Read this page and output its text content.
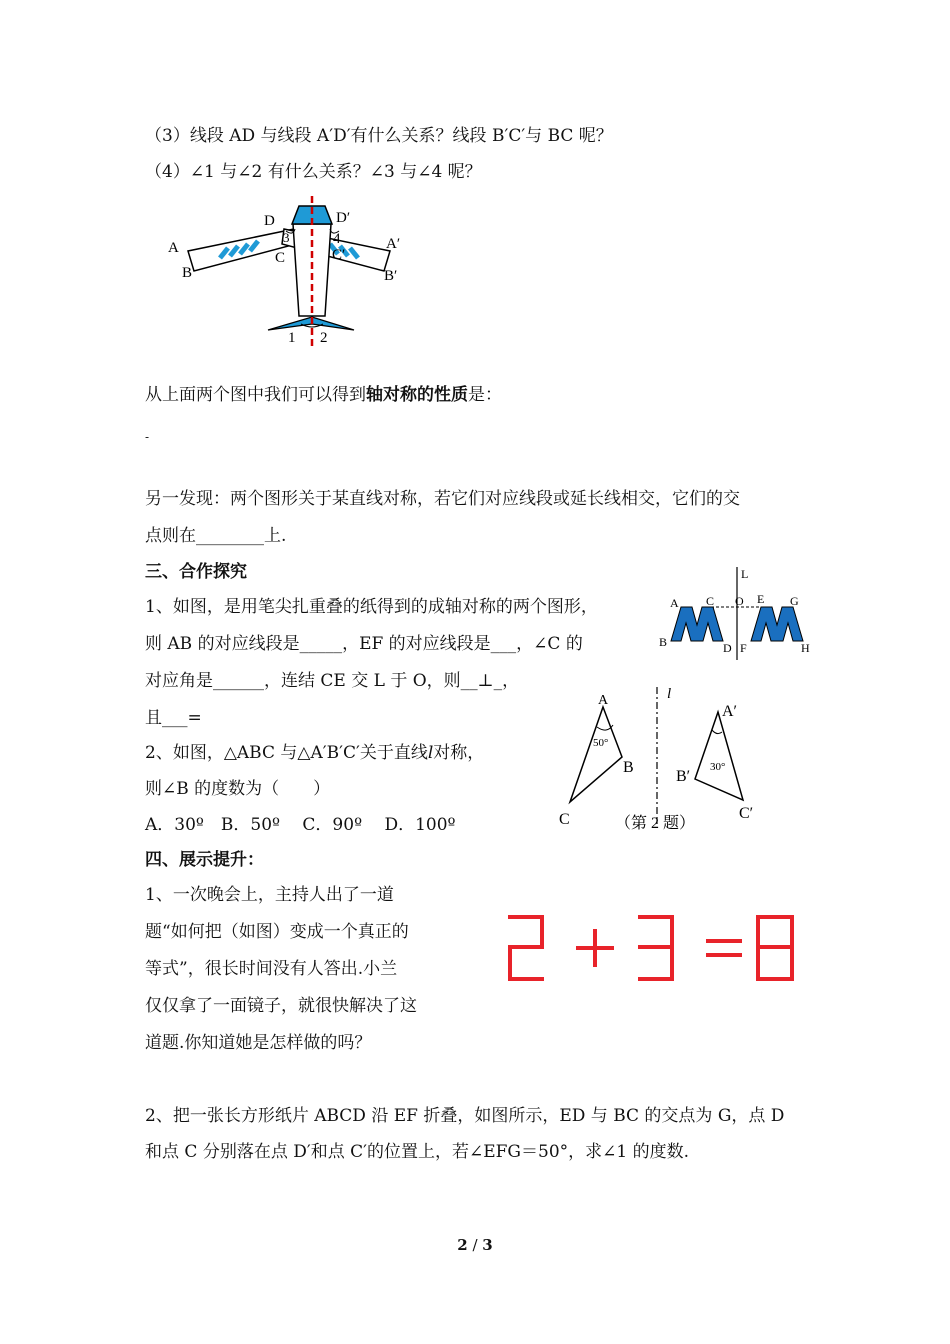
（3）线段 AD 与线段 A′D′有什么关系？线段 B′C′与 BC 呢？
（4）∠1 与∠2 有什么关系？∠3 与∠4 呢？
D	D′
A
B
C
3	4
C′
A′
B′
1 2
从上面两个图中我们可以得到轴对称的性质是：
-
另一发现：两个图形关于某直线对称，若它们对应线段或延长线相交，它们的交
点则在________上.
三、合作探究
1、如图，是用笔尖扎重叠的纸得到的成轴对称的两个图形，
则 AB 的对应线段是_____，EF 的对应线段是___，∠C 的
对应角是______，连结 CE 交 L 于 O，则__⊥_，
且___=
L
A C O E G
B	D F	H
2、如图，△ABC 与△A′B′C′关于直线l对称，
则∠B 的度数为（　　）
A．30º　B．50º　 C．90º　 D．100º
l
A
50°
B
C
A′
B′
30°
C′
（第 2 题）
四、展示提升：
1、一次晚会上，主持人出了一道
题“如何把（如图）变成一个真正的
等式”，很长时间没有人答出.小兰
仅仅拿了一面镜子，就很快解决了这
道题.你知道她是怎样做的吗？
2、把一张长方形纸片 ABCD 沿 EF 折叠，如图所示，ED 与 BC 的交点为 G，点 D
和点 C 分别落在点 D′和点 C′的位置上，若∠EFG＝50°，求∠1 的度数.
2 / 3
